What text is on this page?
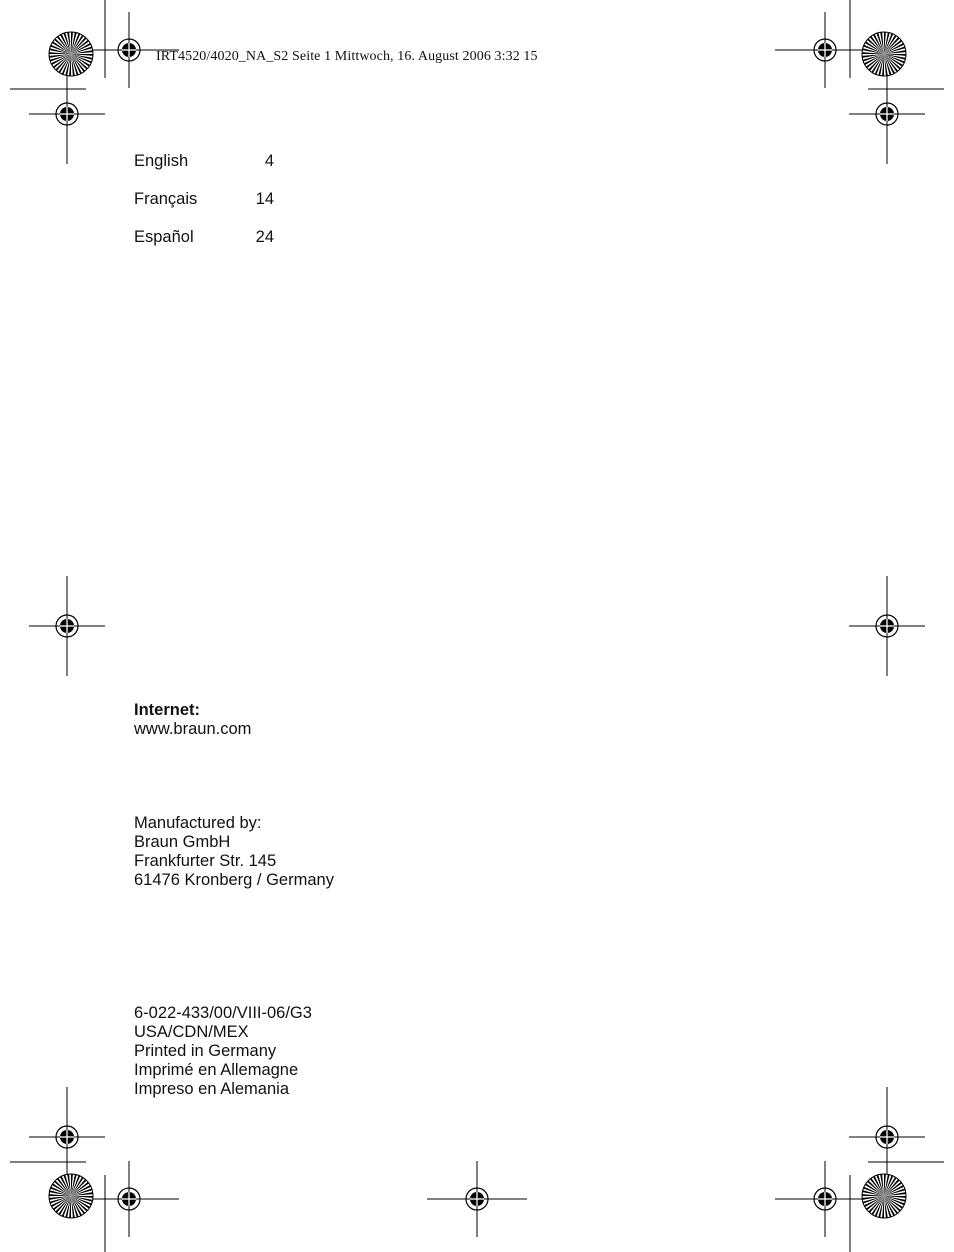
IRT4520/4020_NA_S2 Seite 1 Mittwoch, 16. August 2006 3:32 15
English	4
Français	14
Español	24
Internet:
www.braun.com
Manufactured by:
Braun GmbH
Frankfurter Str. 145
61476 Kronberg / Germany
6-022-433/00/VIII-06/G3
USA/CDN/MEX
Printed in Germany
Imprimé en Allemagne
Impreso en Alemania
